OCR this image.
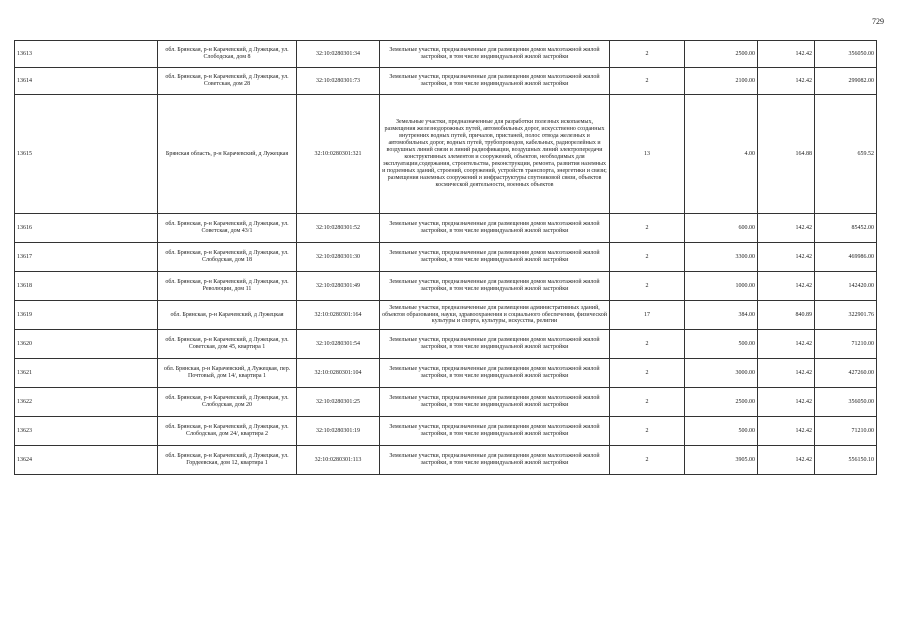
729
13613	обл. Брянская, р-н Карачевский, д Лужецкая, ул. Слободская, дом 8	32:10:0280301:34	Земельные участки, предназначенные для размещения домов малоэтажной жилой застройки, в том числе индивидуальной жилой застройки	2	2500.00	142.42	356050.00
13614	обл. Брянская, р-н Карачевский, д Лужецкая, ул. Советская, дом 28	32:10:0280301:73	Земельные участки, предназначенные для размещения домов малоэтажной жилой застройки, в том числе индивидуальной жилой застройки	2	2100.00	142.42	299082.00
13615	Брянская область, р-н Карачевский, д Лужецкая	32:10:0280301:321	Земельные участки, предназначенные для разработки полезных ископаемых, размещения железнодорожных путей, автомобильных дорог, искусственно созданных внутренних водных путей, причалов, пристаней, полос отвода железных и автомобильных дорог, водных путей, трубопроводов, кабельных, радиорелейных и воздушных линий связи и линий радиофикации, воздушных линий электропередачи конструктивных элементов и сооружений, объектов, необходимых для эксплуатации,содержания, строительства, реконструкции, ремонта, развития наземных и подземных зданий, строений, сооружений, устройств транспорта, энергетики и связи; размещения наземных сооружений и инфраструктуры спутниковой связи, объектов космической деятельности, военных объектов	13	4.00	164.88	659.52
13616	обл. Брянская, р-н Карачевский, д Лужецкая, ул. Советская, дом 43/1	32:10:0280301:52	Земельные участки, предназначенные для размещения домов малоэтажной жилой застройки, в том числе индивидуальной жилой застройки	2	600.00	142.42	85452.00
13617	обл. Брянская, р-н Карачевский, д Лужецкая, ул. Слободская, дом 18	32:10:0280301:30	Земельные участки, предназначенные для размещения домов малоэтажной жилой застройки, в том числе индивидуальной жилой застройки	2	3300.00	142.42	469986.00
13618	обл. Брянская, р-н Карачевский, д Лужецкая, ул. Революции, дом 11	32:10:0280301:49	Земельные участки, предназначенные для размещения домов малоэтажной жилой застройки, в том числе индивидуальной жилой застройки	2	1000.00	142.42	142420.00
13619	обл. Брянская, р-н Карачевский, д Лужецкая	32:10:0280301:164	Земельные участки, предназначенные для размещения административных зданий, объектов образования, науки, здравоохранения и социального обеспечения, физической культуры и спорта, культуры, искусства, религии	17	384.00	840.89	322901.76
13620	обл. Брянская, р-н Карачевский, д Лужецкая, ул. Советская, дом 45, квартира 1	32:10:0280301:54	Земельные участки, предназначенные для размещения домов малоэтажной жилой застройки, в том числе индивидуальной жилой застройки	2	500.00	142.42	71210.00
13621	обл. Брянская, р-н Карачевский, д Лужецкая, пер. Почтовый, дом 14/, квартира 1	32:10:0280301:104	Земельные участки, предназначенные для размещения домов малоэтажной жилой застройки, в том числе индивидуальной жилой застройки	2	3000.00	142.42	427260.00
13622	обл. Брянская, р-н Карачевский, д Лужецкая, ул. Слободская, дом 20	32:10:0280301:25	Земельные участки, предназначенные для размещения домов малоэтажной жилой застройки, в том числе индивидуальной жилой застройки	2	2500.00	142.42	356050.00
13623	обл. Брянская, р-н Карачевский, д Лужецкая, ул. Слободская, дом 24/, квартира 2	32:10:0280301:19	Земельные участки, предназначенные для размещения домов малоэтажной жилой застройки, в том числе индивидуальной жилой застройки	2	500.00	142.42	71210.00
13624	обл. Брянская, р-н Карачевский, д Лужецкая, ул. Гордеевская, дом 12, квартира 1	32:10:0280301:113	Земельные участки, предназначенные для размещения домов малоэтажной жилой застройки, в том числе индивидуальной жилой застройки	2	3905.00	142.42	556150.10
